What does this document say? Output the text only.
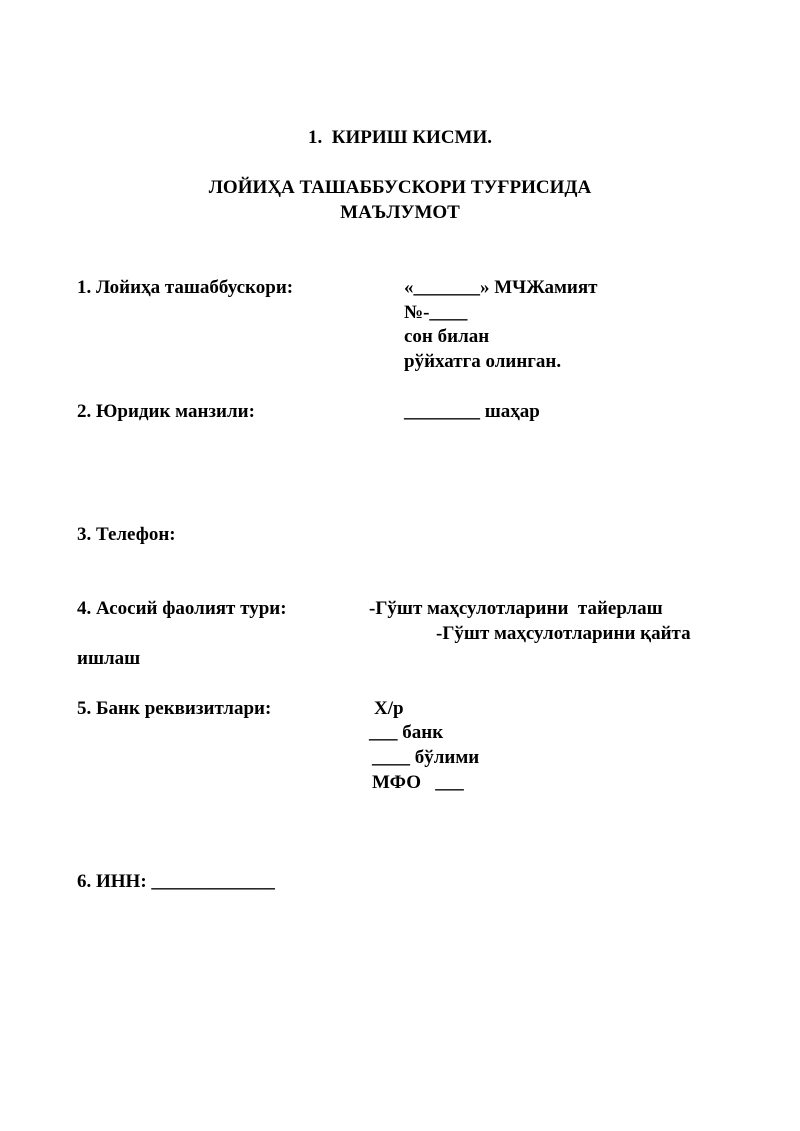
1.  КИРИШ КИСМИ.

ЛОЙИҲА ТАШАББУСКОРИ ТУҒРИСИДА

МАЪЛУМОТ

1. Лойиҳа ташаббускори:	«_______» МЧЖамият

№-____

сон билан

рўйхатга олинган.

2. Юридик манзили:	________ шаҳар

3. Телефон:

4. Асосий фаолият тури:	-Гўшт маҳсулотларини  тайерлаш

-Гўшт маҳсулотларини қайта

ишлаш

5. Банк реквизитлари:	Х/р

___ банк

____ бўлими

МФО   ___

6. ИНН: _____________
